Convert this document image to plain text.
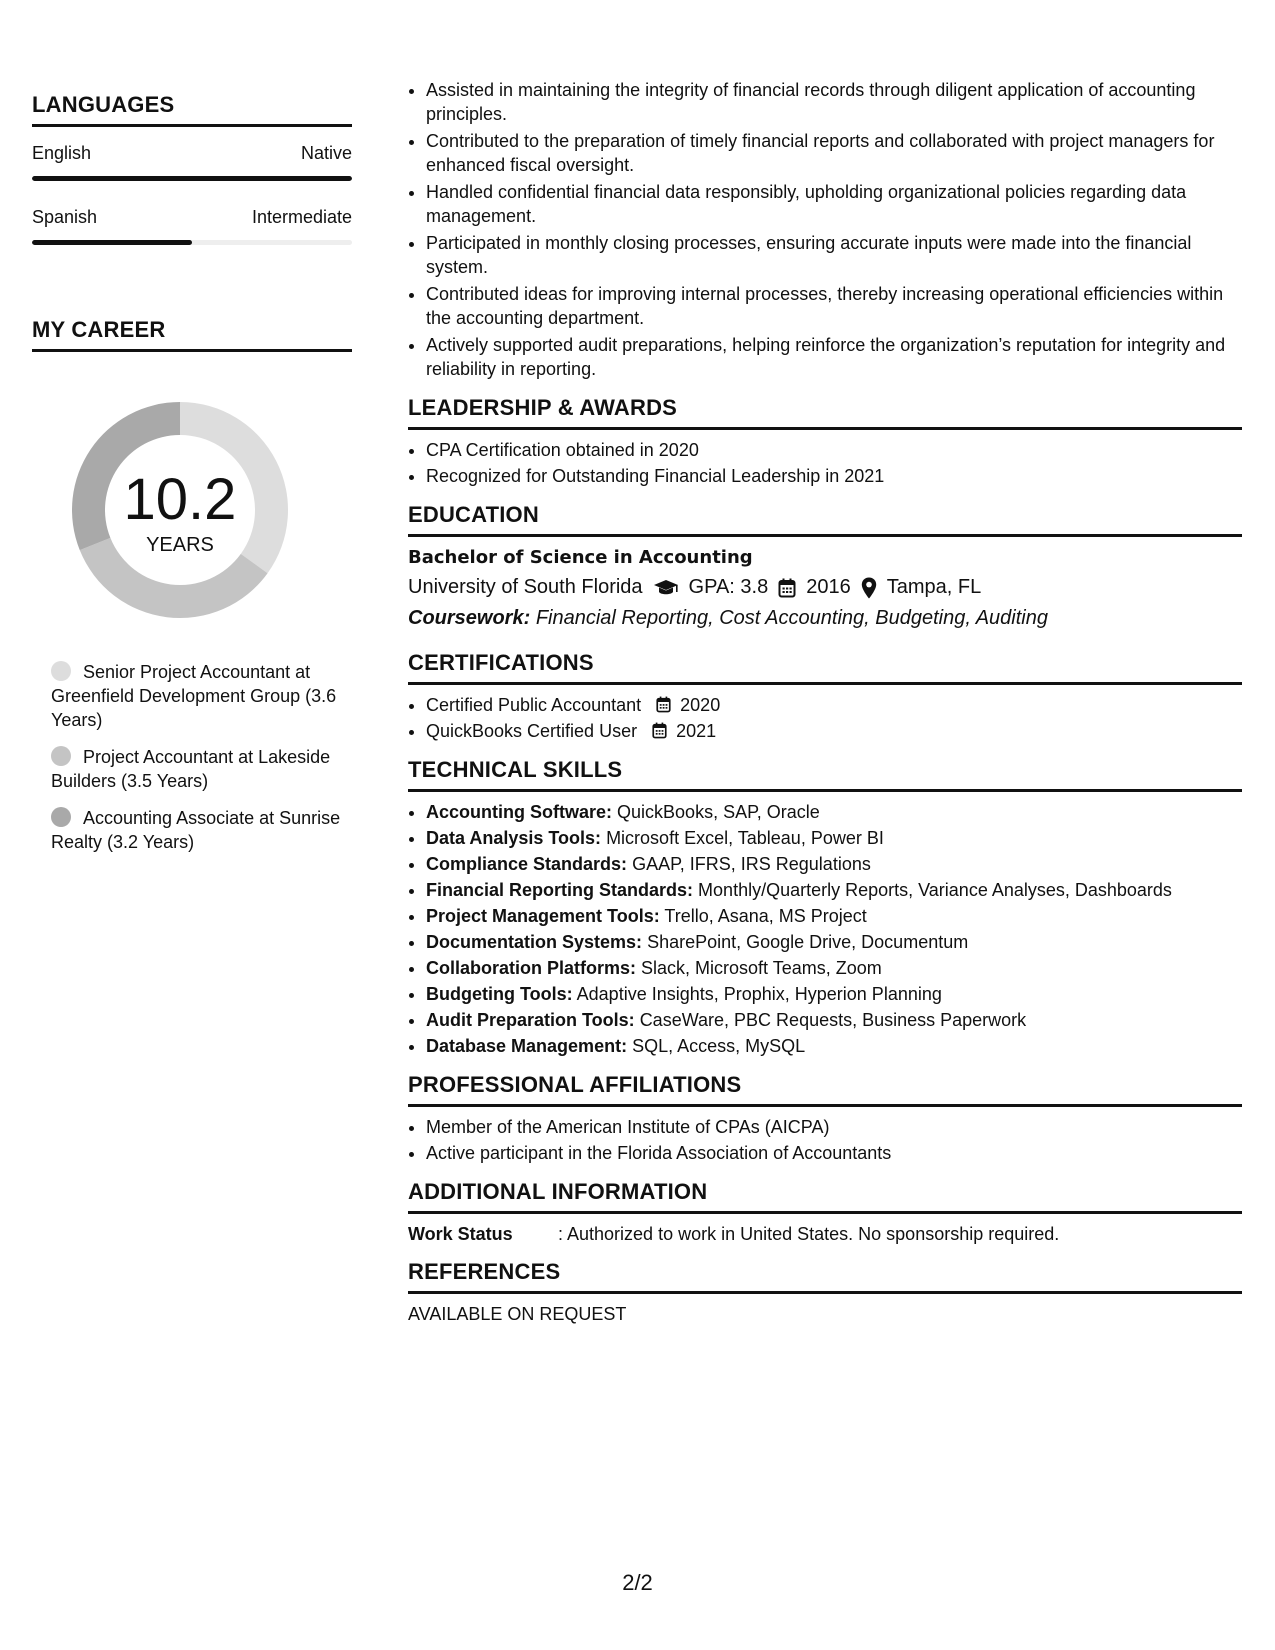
LANGUAGES
English	Native
Spanish	Intermediate
MY CAREER
10.2
YEARS
Senior Project Accountant at Greenfield Development Group (3.6 Years)
Project Accountant at Lakeside Builders (3.5 Years)
Accounting Associate at Sunrise Realty (3.2 Years)
• Assisted in maintaining the integrity of financial records through diligent application of accounting principles.
• Contributed to the preparation of timely financial reports and collaborated with project managers for enhanced fiscal oversight.
• Handled confidential financial data responsibly, upholding organizational policies regarding data management.
• Participated in monthly closing processes, ensuring accurate inputs were made into the financial system.
• Contributed ideas for improving internal processes, thereby increasing operational efficiencies within the accounting department.
• Actively supported audit preparations, helping reinforce the organization’s reputation for integrity and reliability in reporting.
LEADERSHIP & AWARDS
• CPA Certification obtained in 2020
• Recognized for Outstanding Financial Leadership in 2021
EDUCATION
Bachelor of Science in Accounting
University of South Florida GPA: 3.8 2016 Tampa, FL
Coursework: Financial Reporting, Cost Accounting, Budgeting, Auditing
CERTIFICATIONS
• Certified Public Accountant 2020
• QuickBooks Certified User 2021
TECHNICAL SKILLS
• Accounting Software: QuickBooks, SAP, Oracle
• Data Analysis Tools: Microsoft Excel, Tableau, Power BI
• Compliance Standards: GAAP, IFRS, IRS Regulations
• Financial Reporting Standards: Monthly/Quarterly Reports, Variance Analyses, Dashboards
• Project Management Tools: Trello, Asana, MS Project
• Documentation Systems: SharePoint, Google Drive, Documentum
• Collaboration Platforms: Slack, Microsoft Teams, Zoom
• Budgeting Tools: Adaptive Insights, Prophix, Hyperion Planning
• Audit Preparation Tools: CaseWare, PBC Requests, Business Paperwork
• Database Management: SQL, Access, MySQL
PROFESSIONAL AFFILIATIONS
• Member of the American Institute of CPAs (AICPA)
• Active participant in the Florida Association of Accountants
ADDITIONAL INFORMATION
Work Status	: Authorized to work in United States. No sponsorship required.
REFERENCES
AVAILABLE ON REQUEST
2/2
